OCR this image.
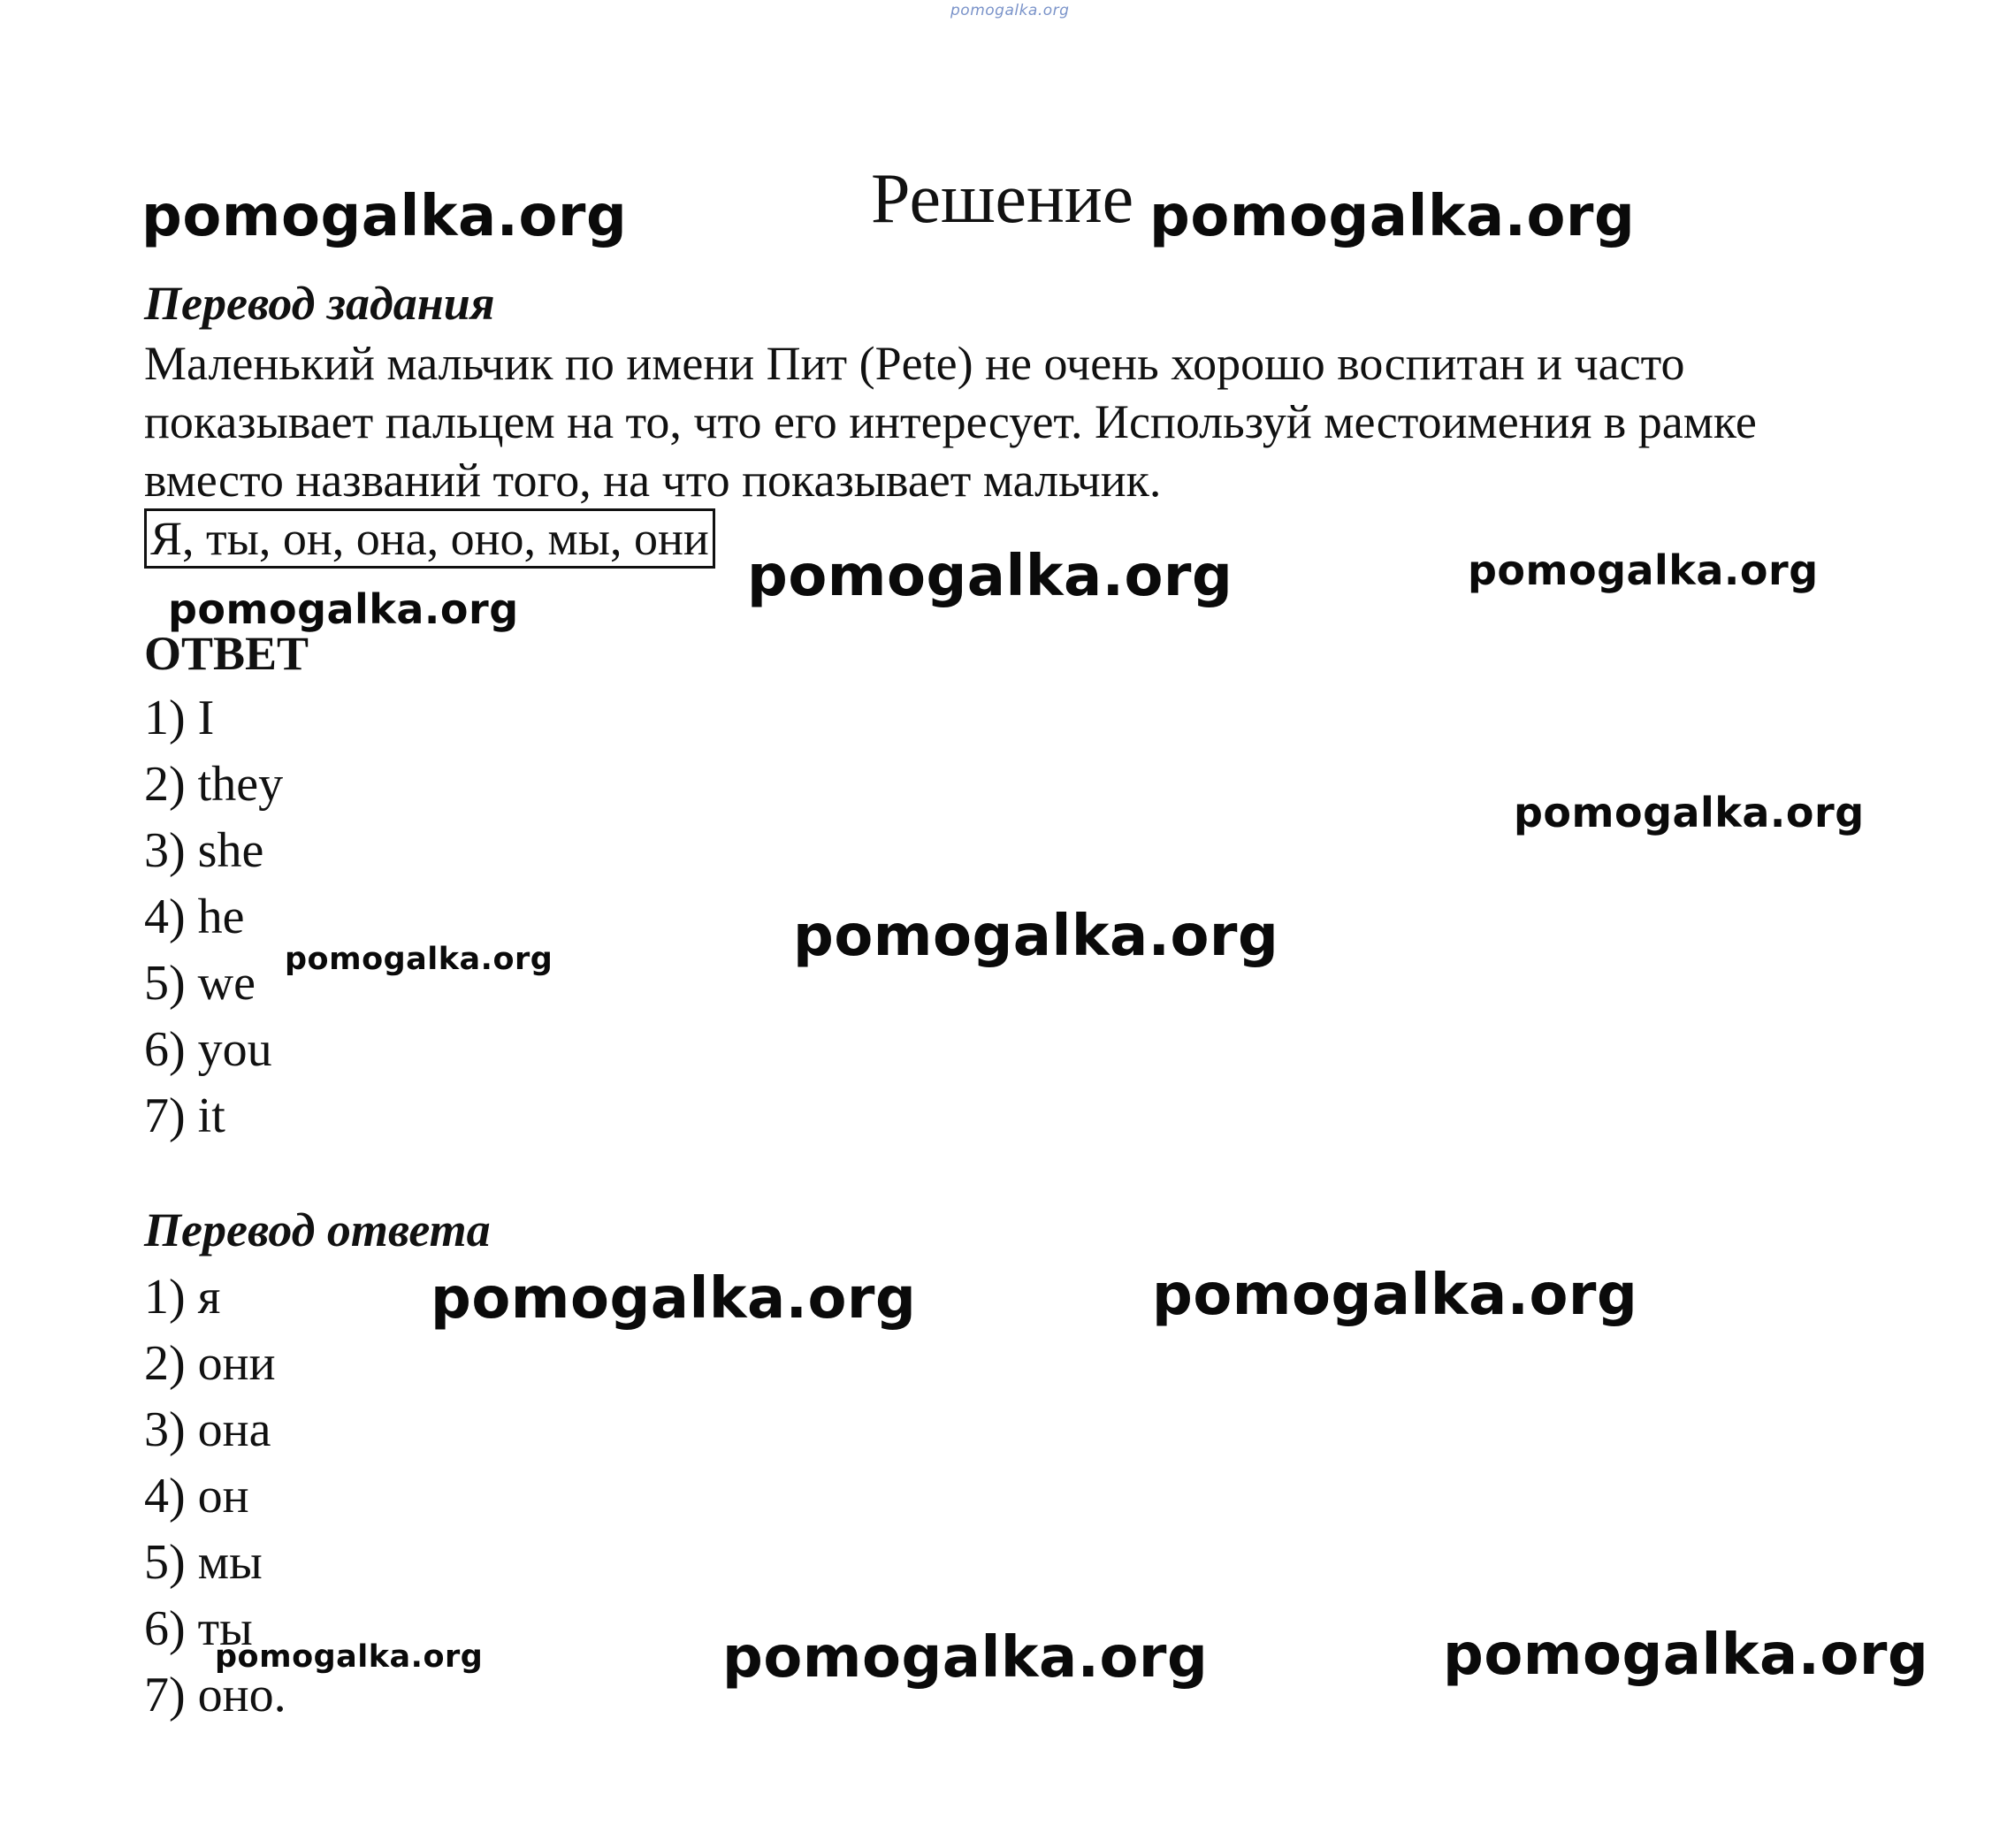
pomogalka.org
pomogalka.org	Решение pomogalka.org
Перевод задания
Маленький мальчик по имени Пит (Pete) не очень хорошо воспитан и часто показывает пальцем на то, что его интересует. Используй местоимения в рамке вместо названий того, на что показывает мальчик.
Я, ты, он, она, оно, мы, они
pomogalka.org	pomogalka.org
pomogalka.org
ОТВЕТ
1) I
2) they
3) she
4) he
5) we
6) you
7) it
pomogalka.org
pomogalka.org
pomogalka.org
Перевод ответа
1) я
2) они
3) она
4) он
5) мы
6) ты
7) оно.
pomogalka.org	pomogalka.org
pomogalka.org	pomogalka.org	pomogalka.org
